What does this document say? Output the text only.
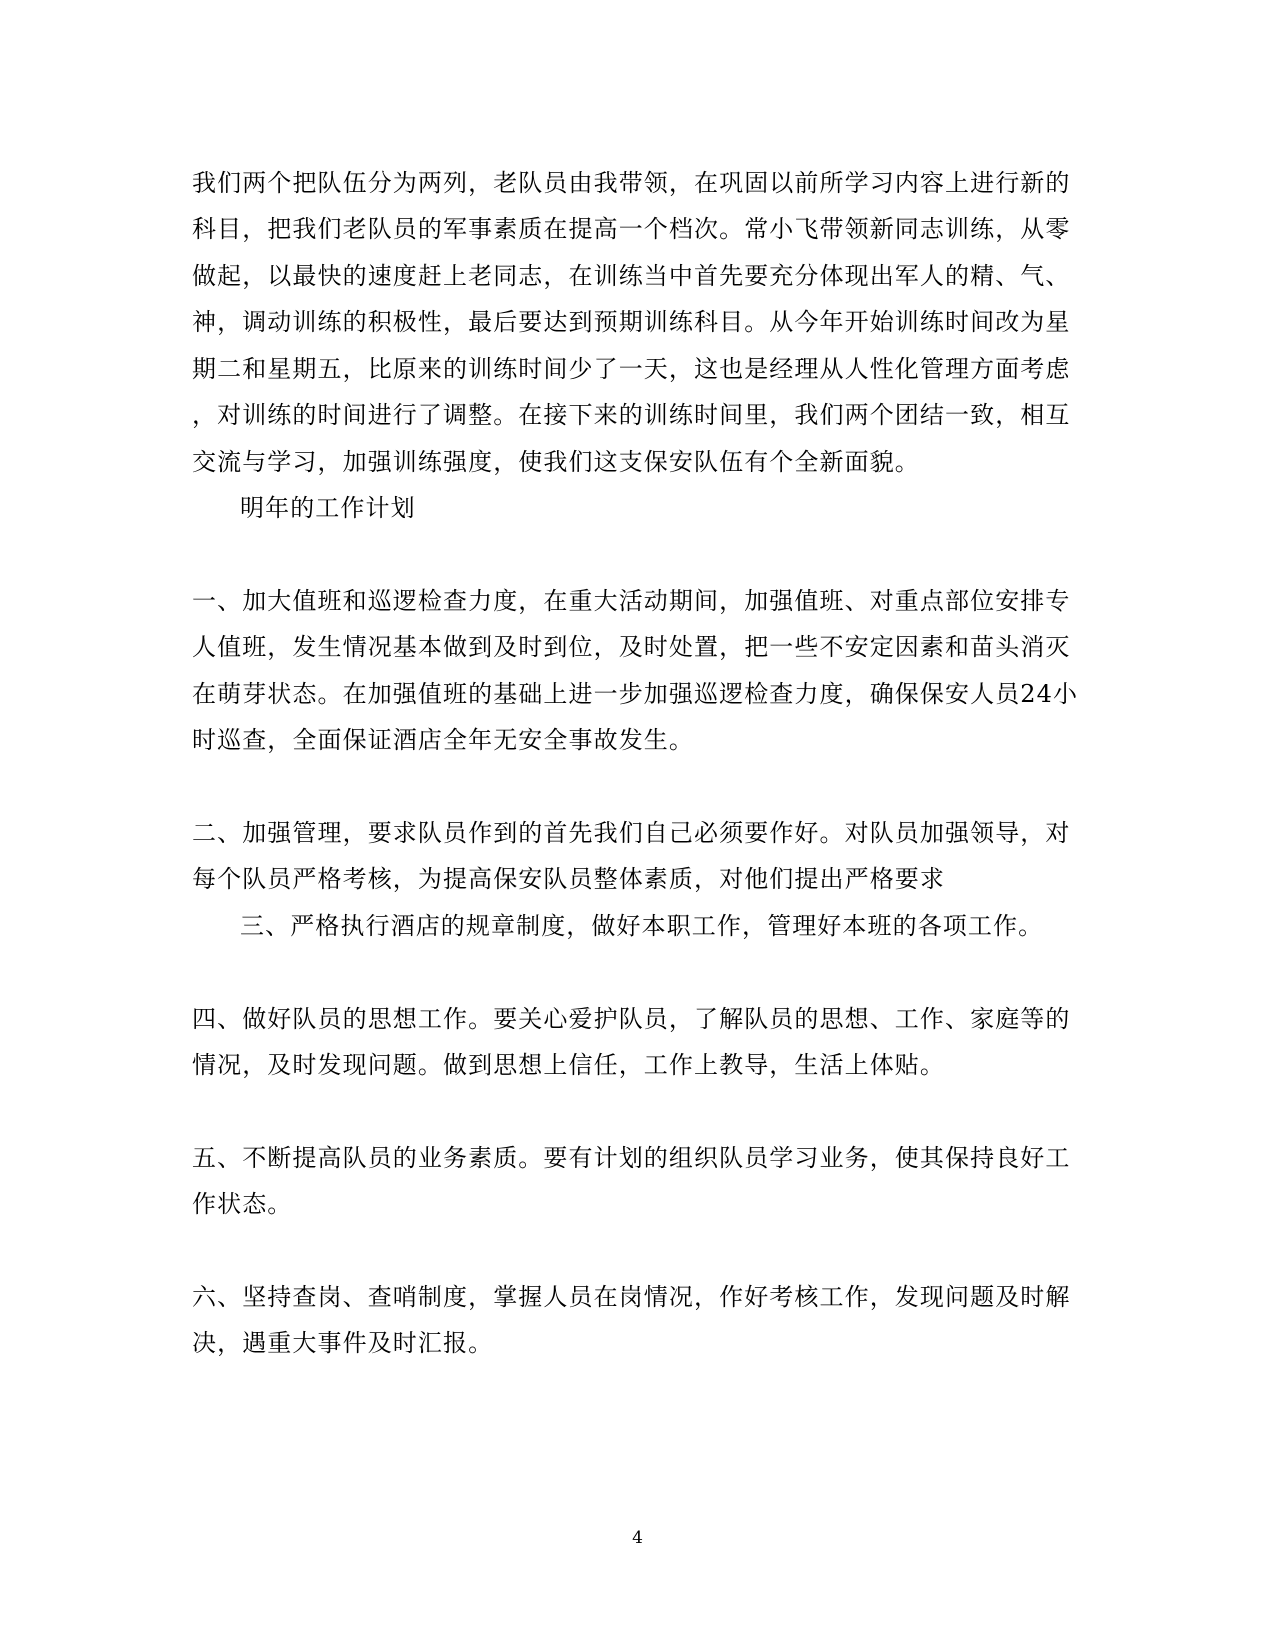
我们两个把队伍分为两列，老队员由我带领，在巩固以前所学习内容上进行新的
科目，把我们老队员的军事素质在提高一个档次。常小飞带领新同志训练，从零
做起，以最快的速度赶上老同志，在训练当中首先要充分体现出军人的精、气、
神，调动训练的积极性，最后要达到预期训练科目。从今年开始训练时间改为星
期二和星期五，比原来的训练时间少了一天，这也是经理从人性化管理方面考虑
，对训练的时间进行了调整。在接下来的训练时间里，我们两个团结一致，相互
交流与学习，加强训练强度，使我们这支保安队伍有个全新面貌。
明年的工作计划
一、加大值班和巡逻检查力度，在重大活动期间，加强值班、对重点部位安排专
人值班，发生情况基本做到及时到位，及时处置，把一些不安定因素和苗头消灭
在萌芽状态。在加强值班的基础上进一步加强巡逻检查力度，确保保安人员24小
时巡查，全面保证酒店全年无安全事故发生。
二、加强管理，要求队员作到的首先我们自己必须要作好。对队员加强领导，对
每个队员严格考核，为提高保安队员整体素质，对他们提出严格要求
三、严格执行酒店的规章制度，做好本职工作，管理好本班的各项工作。
四、做好队员的思想工作。要关心爱护队员，了解队员的思想、工作、家庭等的
情况，及时发现问题。做到思想上信任，工作上教导，生活上体贴。
五、不断提高队员的业务素质。要有计划的组织队员学习业务，使其保持良好工
作状态。
六、坚持查岗、查哨制度，掌握人员在岗情况，作好考核工作，发现问题及时解
决，遇重大事件及时汇报。
4
